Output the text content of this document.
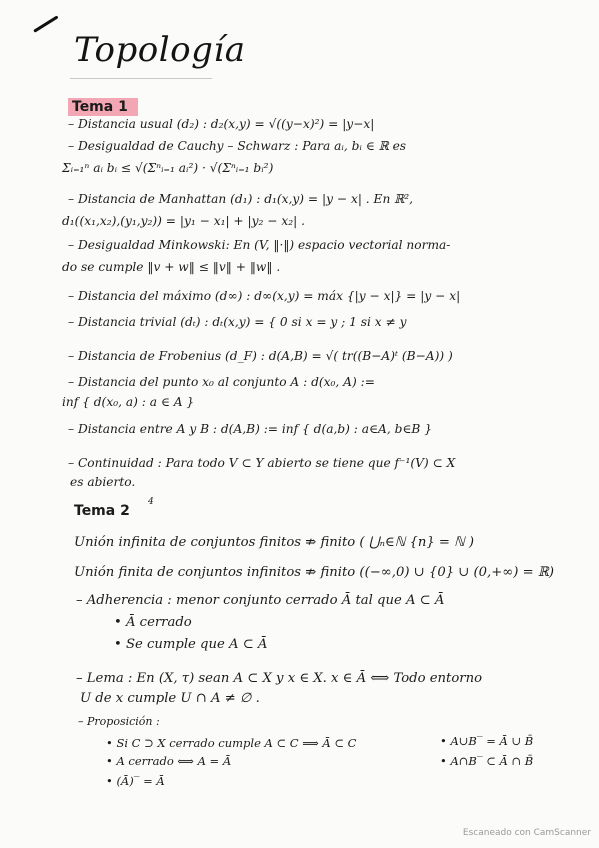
Topología
Tema 1
– Distancia usual (d₂) : d₂(x,y) = √((y−x)²) = |y−x|
– Desigualdad de Cauchy – Schwarz : Para aᵢ, bᵢ ∈ ℝ es
Σᵢ₌₁ⁿ aᵢ bᵢ ≤ √(Σⁿᵢ₌₁ aᵢ²) · √(Σⁿᵢ₌₁ bᵢ²)
– Distancia de Manhattan (d₁) : d₁(x,y) = |y − x| . En ℝ²,
d₁((x₁,x₂),(y₁,y₂)) = |y₁ − x₁| + |y₂ − x₂| .
– Desigualdad Minkowski: En (V, ‖·‖) espacio vectorial norma-
do se cumple ‖v + w‖ ≤ ‖v‖ + ‖w‖ .
– Distancia del máximo (d∞) : d∞(x,y) = máx {|y − x|} = |y − x|
– Distancia trivial (dₜ) : dₜ(x,y) = { 0 si x = y ; 1 si x ≠ y
– Distancia de Frobenius (d_F) : d(A,B) = √( tr((B−A)ᵗ (B−A)) )
– Distancia del punto x₀ al conjunto A : d(x₀, A) :=
inf { d(x₀, a) : a ∈ A }
– Distancia entre A y B : d(A,B) := inf { d(a,b) : a∈A, b∈B }
– Continuidad : Para todo V ⊂ Y abierto se tiene que f⁻¹(V) ⊂ X
es abierto.
Tema 2
4
Unión infinita de conjuntos finitos ⇏ finito ( ⋃ₙ∈ℕ {n} = ℕ )
Unión finita de conjuntos infinitos ⇏ finito ((−∞,0) ∪ {0} ∪ (0,+∞) = ℝ)
– Adherencia : menor conjunto cerrado Ā tal que A ⊂ Ā
• Ā cerrado
• Se cumple que A ⊂ Ā
– Lema : En (X, τ) sean A ⊂ X y x ∈ X. x ∈ Ā ⟺ Todo entorno
U de x cumple U ∩ A ≠ ∅ .
– Proposición :
• Si C ⊃ X cerrado cumple A ⊂ C ⟹ Ā ⊂ C
• A cerrado ⟺ A = Ā
• (Ā)‾ = Ā
• A∪B‾ = Ā ∪ B̄
• A∩B‾ ⊂ Ā ∩ B̄
Escaneado con CamScanner
